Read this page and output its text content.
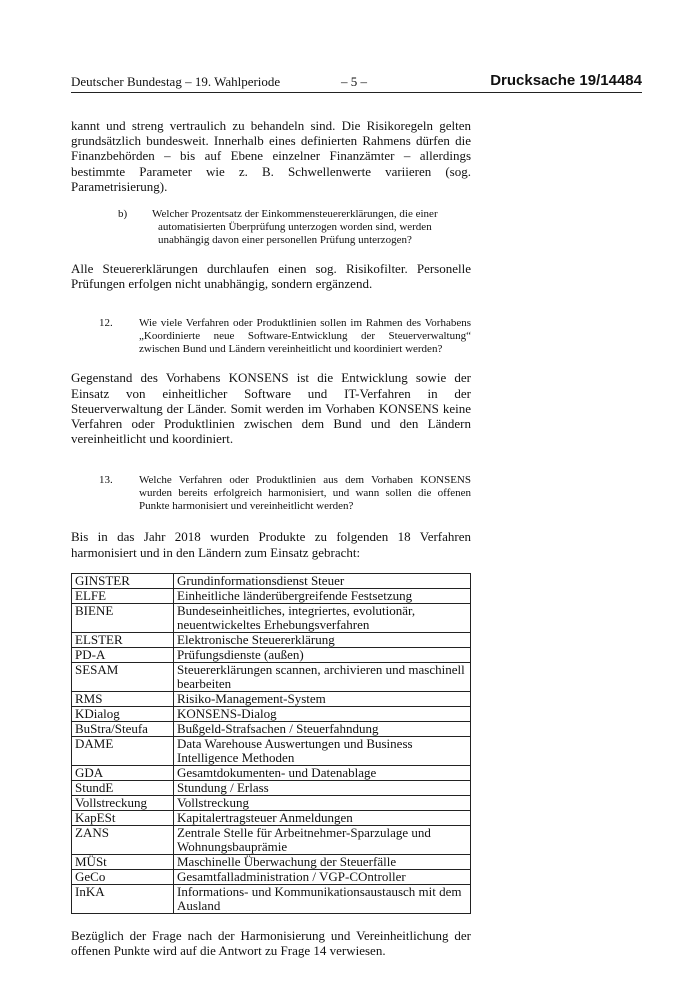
Deutscher Bundestag – 19. Wahlperiode	– 5 –	Drucksache 19/14484

kannt und streng vertraulich zu behandeln sind. Die Risikoregeln gelten grundsätzlich bundesweit. Innerhalb eines definierten Rahmens dürfen die Finanzbehörden – bis auf Ebene einzelner Finanzämter – allerdings bestimmte Parameter wie z. B. Schwellenwerte variieren (sog. Parametrisierung).

b) Welcher Prozentsatz der Einkommensteuererklärungen, die einer automatisierten Überprüfung unterzogen worden sind, werden unabhängig davon einer personellen Prüfung unterzogen?

Alle Steuererklärungen durchlaufen einen sog. Risikofilter. Personelle Prüfungen erfolgen nicht unabhängig, sondern ergänzend.

12. Wie viele Verfahren oder Produktlinien sollen im Rahmen des Vorhabens „Koordinierte neue Software-Entwicklung der Steuerverwaltung“ zwischen Bund und Ländern vereinheitlicht und koordiniert werden?

Gegenstand des Vorhabens KONSENS ist die Entwicklung sowie der Einsatz von einheitlicher Software und IT-Verfahren in der Steuerverwaltung der Länder. Somit werden im Vorhaben KONSENS keine Verfahren oder Produktlinien zwischen dem Bund und den Ländern vereinheitlicht und koordiniert.

13. Welche Verfahren oder Produktlinien aus dem Vorhaben KONSENS wurden bereits erfolgreich harmonisiert, und wann sollen die offenen Punkte harmonisiert und vereinheitlicht werden?

Bis in das Jahr 2018 wurden Produkte zu folgenden 18 Verfahren harmonisiert und in den Ländern zum Einsatz gebracht:

GINSTER	Grundinformationsdienst Steuer
ELFE	Einheitliche länderübergreifende Festsetzung
BIENE	Bundeseinheitliches, integriertes, evolutionär, neuentwickeltes Erhebungsverfahren
ELSTER	Elektronische Steuererklärung
PD-A	Prüfungsdienste (außen)
SESAM	Steuererklärungen scannen, archivieren und maschinell bearbeiten
RMS	Risiko-Management-System
KDialog	KONSENS-Dialog
BuStra/Steufa	Bußgeld-Strafsachen / Steuerfahndung
DAME	Data Warehouse Auswertungen und Business Intelligence Methoden
GDA	Gesamtdokumenten- und Datenablage
StundE	Stundung / Erlass
Vollstreckung	Vollstreckung
KapESt	Kapitalertragsteuer Anmeldungen
ZANS	Zentrale Stelle für Arbeitnehmer-Sparzulage und Wohnungsbauprämie
MÜSt	Maschinelle Überwachung der Steuerfälle
GeCo	Gesamtfalladministration / VGP-COntroller
InKA	Informations- und Kommunikationsaustausch mit dem Ausland

Bezüglich der Frage nach der Harmonisierung und Vereinheitlichung der offenen Punkte wird auf die Antwort zu Frage 14 verwiesen.
